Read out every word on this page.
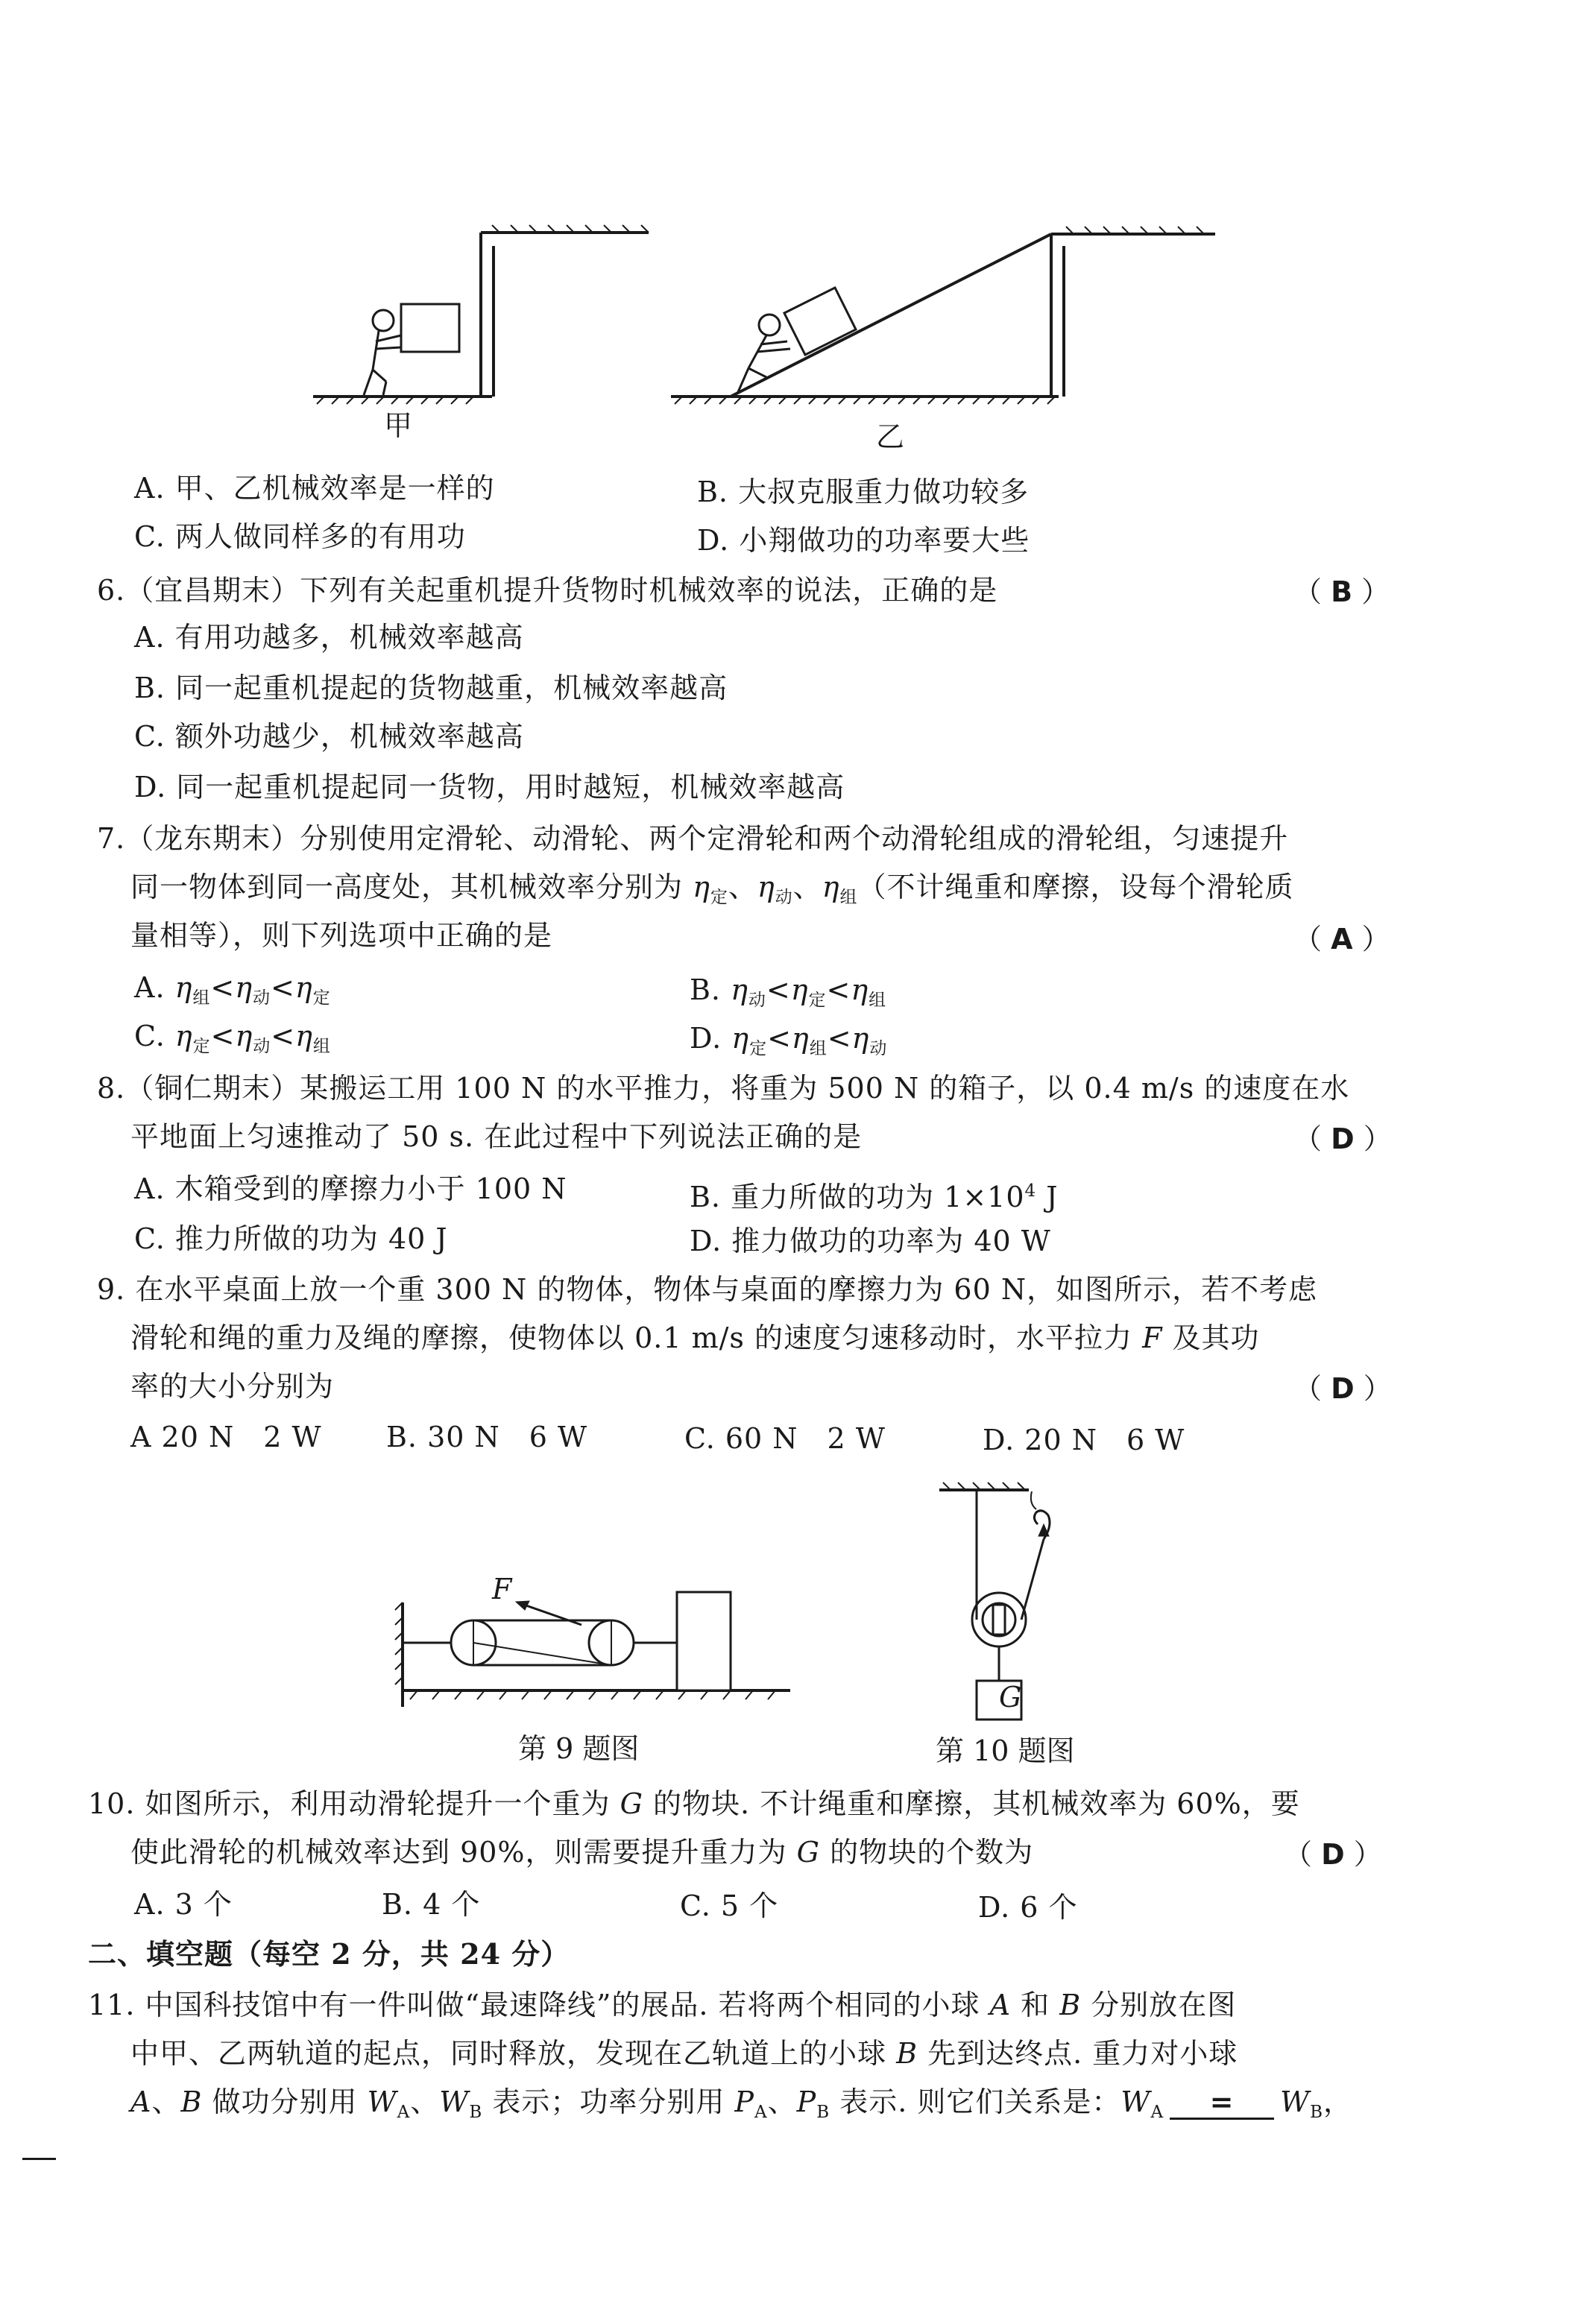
甲	乙
A. 甲、乙机械效率是一样的	B. 大叔克服重力做功较多
C. 两人做同样多的有用功	D. 小翔做功的功率要大些
6.（宜昌期末）下列有关起重机提升货物时机械效率的说法，正确的是	（ B ）
A. 有用功越多，机械效率越高
B. 同一起重机提起的货物越重，机械效率越高
C. 额外功越少，机械效率越高
D. 同一起重机提起同一货物，用时越短，机械效率越高
7.（龙东期末）分别使用定滑轮、动滑轮、两个定滑轮和两个动滑轮组成的滑轮组，匀速提升
同一物体到同一高度处，其机械效率分别为 $\eta_定$、$\eta_动$、$\eta_组$（不计绳重和摩擦，设每个滑轮质
量相等），则下列选项中正确的是	（ A ）
A. $\eta_组<\eta_动<\eta_定$	B. $\eta_动<\eta_定<\eta_组$
C. $\eta_定<\eta_动<\eta_组$	D. $\eta_定<\eta_组<\eta_动$
8.（铜仁期末）某搬运工用 100 N 的水平推力，将重为 500 N 的箱子，以 0.4 m/s 的速度在水
平地面上匀速推动了 50 s. 在此过程中下列说法正确的是	（ D ）
A. 木箱受到的摩擦力小于 100 N	B. 重力所做的功为 $1\times 10^4$ J
C. 推力所做的功为 40 J	D. 推力做功的功率为 40 W
9. 在水平桌面上放一个重 300 N 的物体，物体与桌面的摩擦力为 60 N，如图所示，若不考虑
滑轮和绳的重力及绳的摩擦，使物体以 0.1 m/s 的速度匀速移动时，水平拉力 F 及其功
率的大小分别为	（ D ）
A 20 N　2 W B. 30 N　6 W	C. 60 N　2 W	D. 20 N　6 W
F
第 9 题图
G
第 10 题图
10. 如图所示，利用动滑轮提升一个重为 G 的物块. 不计绳重和摩擦，其机械效率为 60%，要
使此滑轮的机械效率达到 90%，则需要提升重力为 G 的物块的个数为	（ D ）
A. 3 个	B. 4 个	C. 5 个	D. 6 个
二、填空题（每空 2 分，共 24 分）
11. 中国科技馆中有一件叫做“最速降线”的展品. 若将两个相同的小球 A 和 B 分别放在图
中甲、乙两轨道的起点，同时释放，发现在乙轨道上的小球 B 先到达终点. 重力对小球
A、B 做功分别用 $W_A$、$W_B$ 表示；功率分别用 $P_A$、$P_B$ 表示. 则它们关系是：$W_A = W_B$，
